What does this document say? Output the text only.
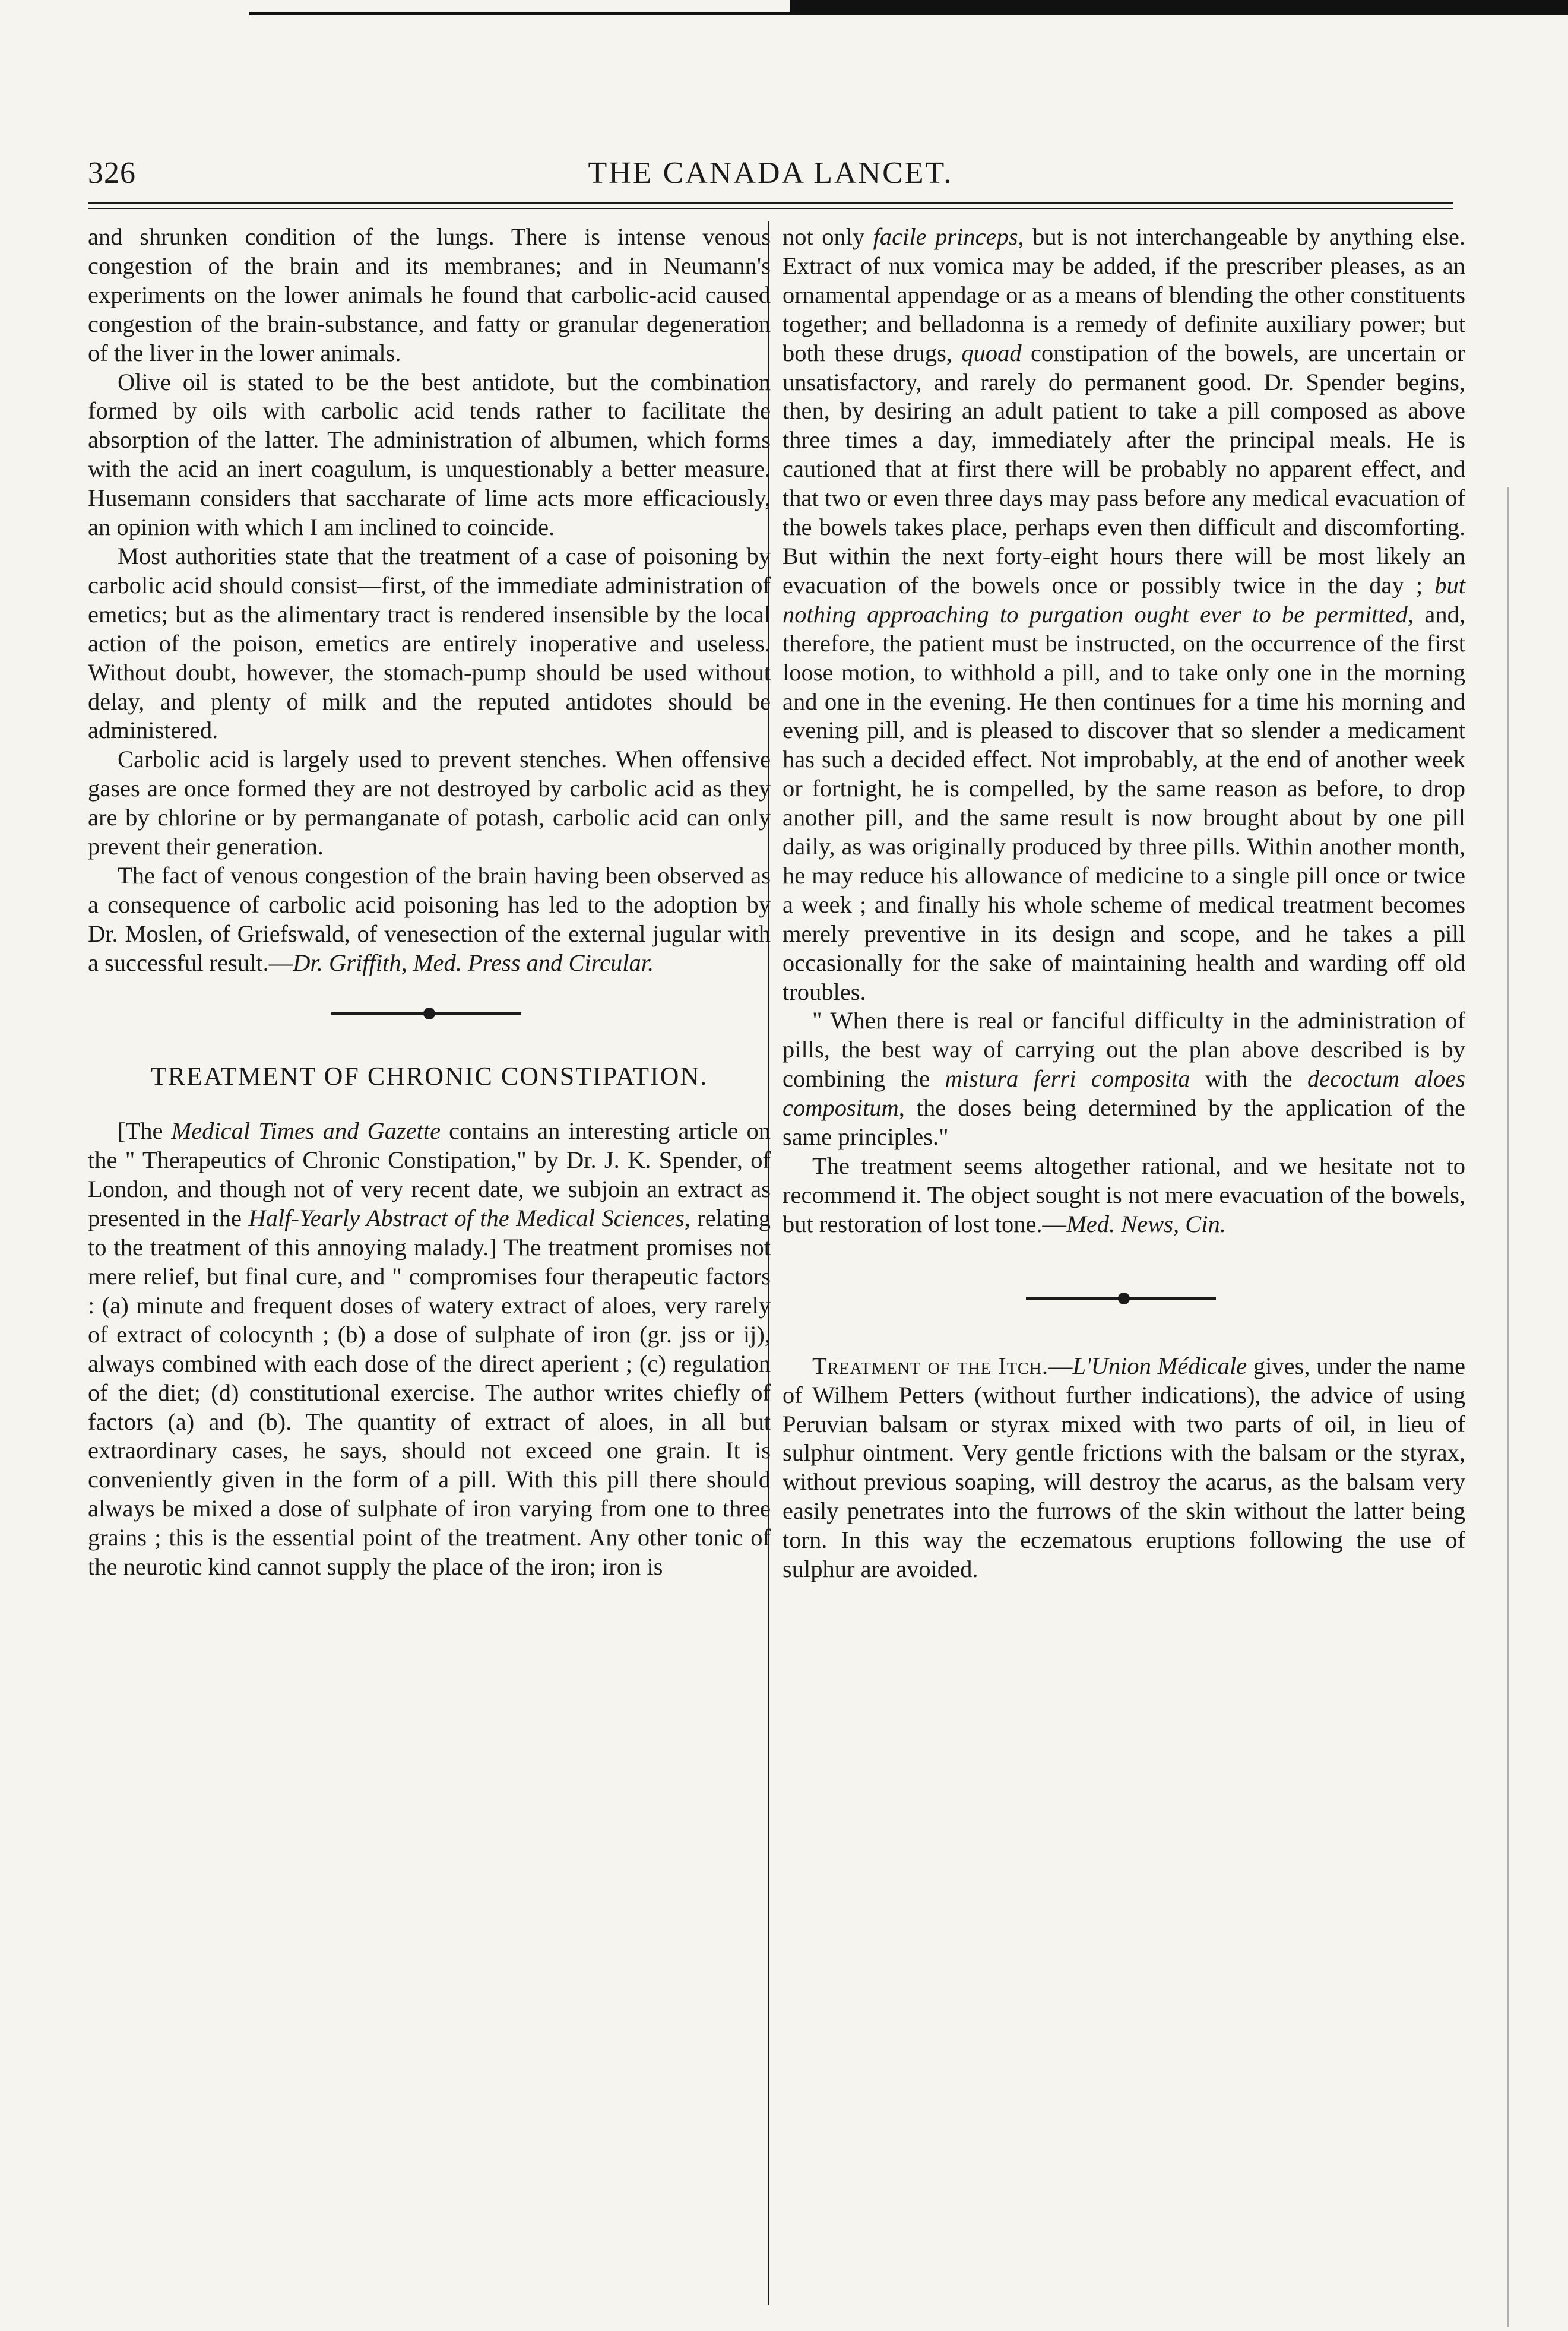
326	THE CANADA LANCET.

and shrunken condition of the lungs. There is intense venous congestion of the brain and its membranes; and in Neumann's experiments on the lower animals he found that carbolic-acid caused congestion of the brain-substance, and fatty or granular degeneration of the liver in the lower animals.

Olive oil is stated to be the best antidote, but the combination formed by oils with carbolic acid tends rather to facilitate the absorption of the latter. The administration of albumen, which forms with the acid an inert coagulum, is unquestionably a better measure. Husemann considers that saccharate of lime acts more efficaciously, an opinion with which I am inclined to coincide.

Most authorities state that the treatment of a case of poisoning by carbolic acid should consist—first, of the immediate administration of emetics; but as the alimentary tract is rendered insensible by the local action of the poison, emetics are entirely inoperative and useless. Without doubt, however, the stomach-pump should be used without delay, and plenty of milk and the reputed antidotes should be administered.

Carbolic acid is largely used to prevent stenches. When offensive gases are once formed they are not destroyed by carbolic acid as they are by chlorine or by permanganate of potash, carbolic acid can only prevent their generation.

The fact of venous congestion of the brain having been observed as a consequence of carbolic acid poisoning has led to the adoption by Dr. Moslen, of Griefswald, of venesection of the external jugular with a successful result.—Dr. Griffith, Med. Press and Circular.

TREATMENT OF CHRONIC CONSTIPATION.

[The Medical Times and Gazette contains an interesting article on the " Therapeutics of Chronic Constipation," by Dr. J. K. Spender, of London, and though not of very recent date, we subjoin an extract as presented in the Half-Yearly Abstract of the Medical Sciences, relating to the treatment of this annoying malady.] The treatment promises not mere relief, but final cure, and " compromises four therapeutic factors : (a) minute and frequent doses of watery extract of aloes, very rarely of extract of colocynth ; (b) a dose of sulphate of iron (gr. jss or ij), always combined with each dose of the direct aperient ; (c) regulation of the diet; (d) constitutional exercise. The author writes chiefly of factors (a) and (b). The quantity of extract of aloes, in all but extraordinary cases, he says, should not exceed one grain. It is conveniently given in the form of a pill. With this pill there should always be mixed a dose of sulphate of iron varying from one to three grains ; this is the essential point of the treatment. Any other tonic of the neurotic kind cannot supply the place of the iron; iron is

not only facile princeps, but is not interchangeable by anything else. Extract of nux vomica may be added, if the prescriber pleases, as an ornamental appendage or as a means of blending the other constituents together; and belladonna is a remedy of definite auxiliary power; but both these drugs, quoad constipation of the bowels, are uncertain or unsatisfactory, and rarely do permanent good. Dr. Spender begins, then, by desiring an adult patient to take a pill composed as above three times a day, immediately after the principal meals. He is cautioned that at first there will be probably no apparent effect, and that two or even three days may pass before any medical evacuation of the bowels takes place, perhaps even then difficult and discomforting. But within the next forty-eight hours there will be most likely an evacuation of the bowels once or possibly twice in the day ; but nothing approaching to purgation ought ever to be permitted, and, therefore, the patient must be instructed, on the occurrence of the first loose motion, to withhold a pill, and to take only one in the morning and one in the evening. He then continues for a time his morning and evening pill, and is pleased to discover that so slender a medicament has such a decided effect. Not improbably, at the end of another week or fortnight, he is compelled, by the same reason as before, to drop another pill, and the same result is now brought about by one pill daily, as was originally produced by three pills. Within another month, he may reduce his allowance of medicine to a single pill once or twice a week ; and finally his whole scheme of medical treatment becomes merely preventive in its design and scope, and he takes a pill occasionally for the sake of maintaining health and warding off old troubles.

" When there is real or fanciful difficulty in the administration of pills, the best way of carrying out the plan above described is by combining the mistura ferri composita with the decoctum aloes compositum, the doses being determined by the application of the same principles."

The treatment seems altogether rational, and we hesitate not to recommend it. The object sought is not mere evacuation of the bowels, but restoration of lost tone.—Med. News, Cin.

Treatment of the Itch.—L'Union Médicale gives, under the name of Wilhem Petters (without further indications), the advice of using Peruvian balsam or styrax mixed with two parts of oil, in lieu of sulphur ointment. Very gentle frictions with the balsam or the styrax, without previous soaping, will destroy the acarus, as the balsam very easily penetrates into the furrows of the skin without the latter being torn. In this way the eczematous eruptions following the use of sulphur are avoided.
